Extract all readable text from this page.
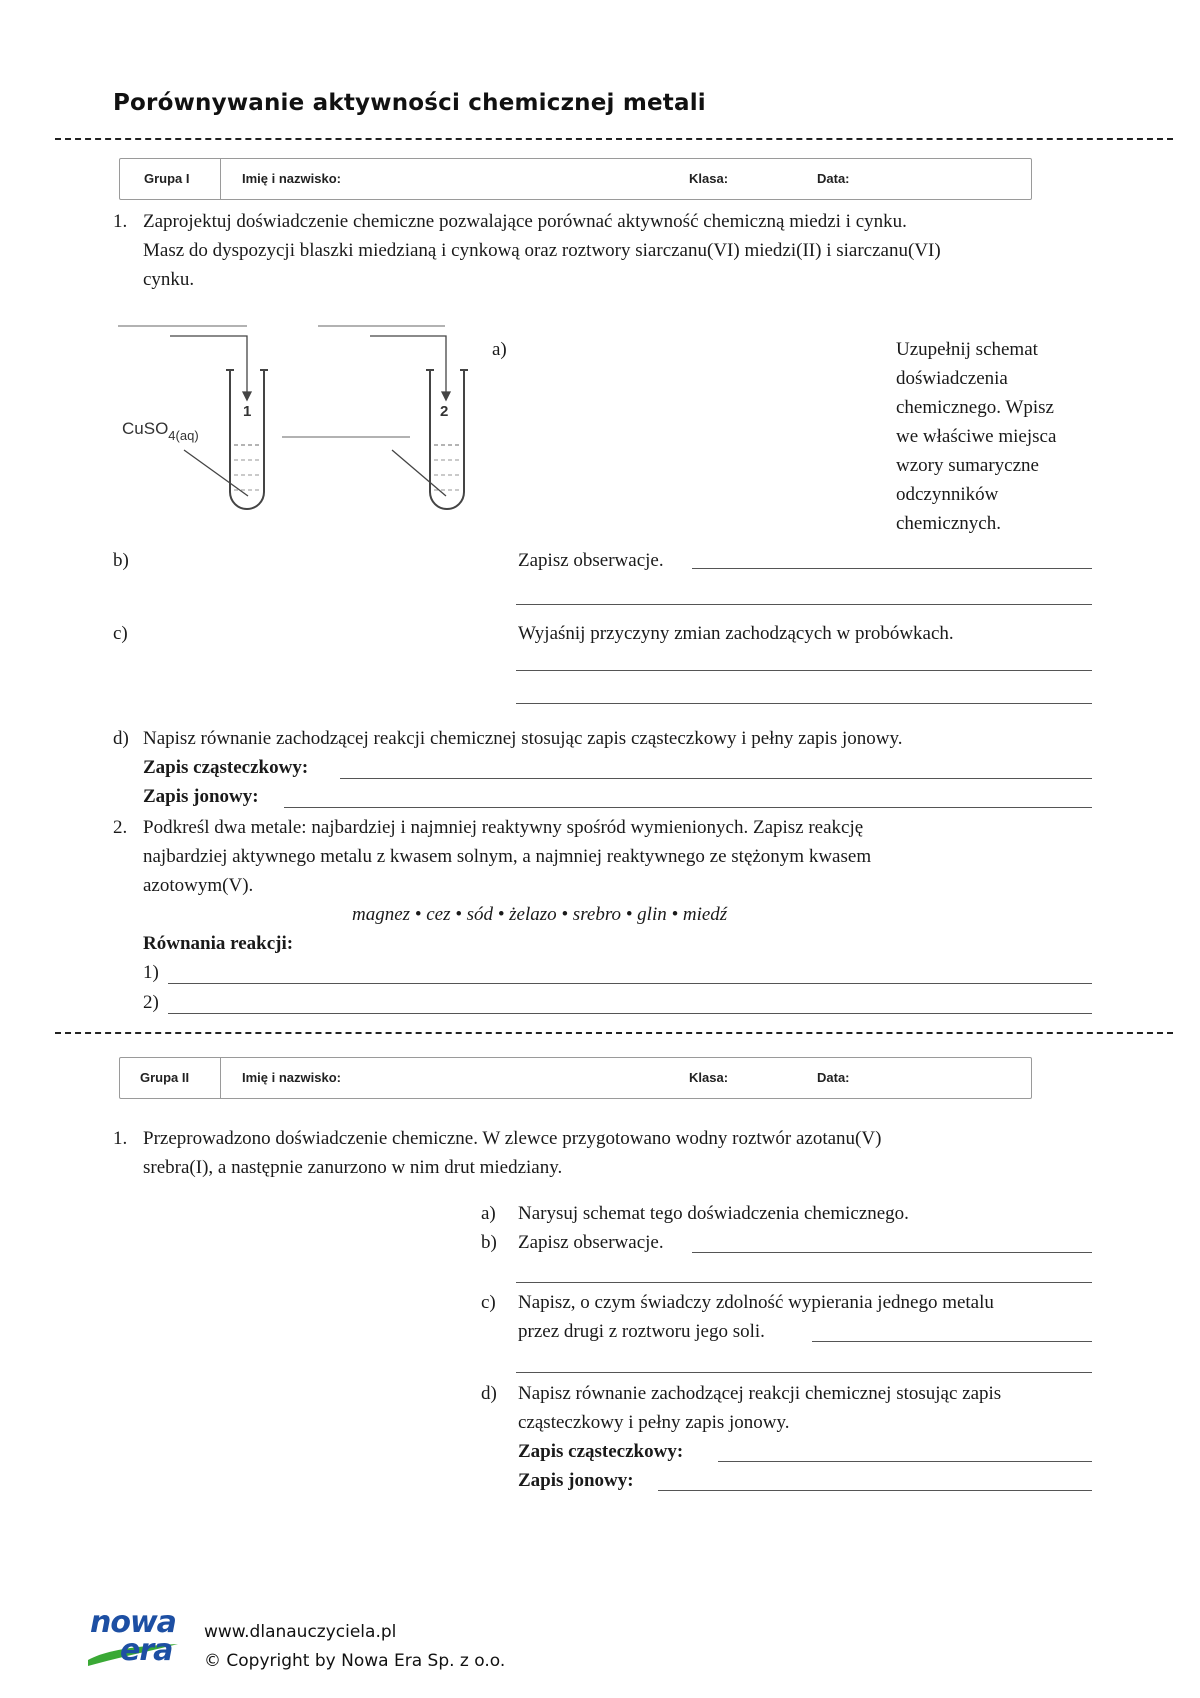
Porównywanie aktywności chemicznej metali
Grupa I	Imię i nazwisko:	Klasa:	Data:
1. Zaprojektuj doświadczenie chemiczne pozwalające porównać aktywność chemiczną miedzi i cynku.
Masz do dyspozycji blaszki miedzianą i cynkową oraz roztwory siarczanu(VI) miedzi(II) i siarczanu(VI)
cynku.
1	2
CuSO$_{4(aq)}$
a)	Uzupełnij schemat
doświadczenia
chemicznego. Wpisz
we właściwe miejsca
wzory sumaryczne
odczynników
chemicznych.
b)	Zapisz obserwacje.
c)	Wyjaśnij przyczyny zmian zachodzących w probówkach.
d) Napisz równanie zachodzącej reakcji chemicznej stosując zapis cząsteczkowy i pełny zapis jonowy.
Zapis cząsteczkowy:
Zapis jonowy:
2. Podkreśl dwa metale: najbardziej i najmniej reaktywny spośród wymienionych. Zapisz reakcję
najbardziej aktywnego metalu z kwasem solnym, a najmniej reaktywnego ze stężonym kwasem
azotowym(V).
magnez • cez • sód • żelazo • srebro • glin • miedź
Równania reakcji:
1)
2)
Grupa II	Imię i nazwisko:	Klasa:	Data:
1. Przeprowadzono doświadczenie chemiczne. W zlewce przygotowano wodny roztwór azotanu(V)
srebra(I), a następnie zanurzono w nim drut miedziany.
a) Narysuj schemat tego doświadczenia chemicznego.
b) Zapisz obserwacje.
c) Napisz, o czym świadczy zdolność wypierania jednego metalu
przez drugi z roztworu jego soli.
d) Napisz równanie zachodzącej reakcji chemicznej stosując zapis
cząsteczkowy i pełny zapis jonowy.
Zapis cząsteczkowy:
Zapis jonowy:
nowa
era
www.dlanauczyciela.pl
© Copyright by Nowa Era Sp. z o.o.
